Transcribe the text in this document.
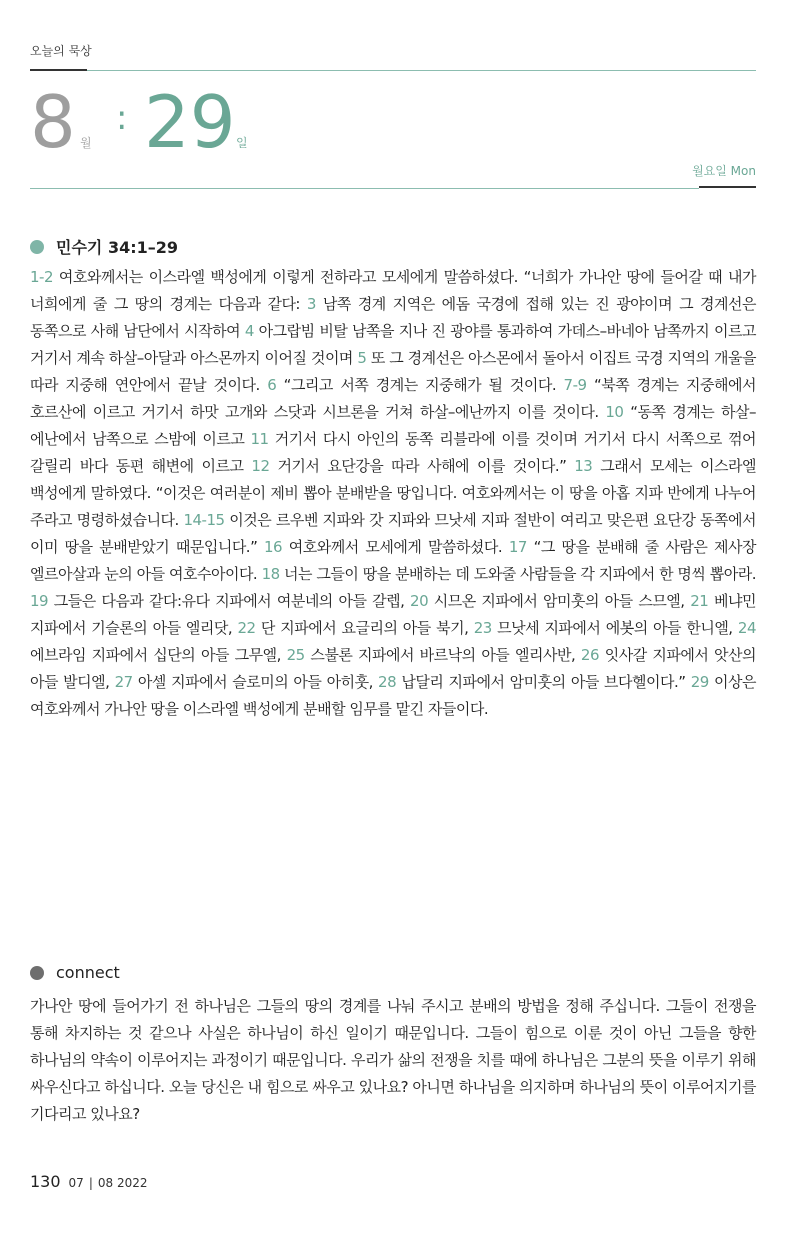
오늘의 묵상
8 월
: 29 일
월요일 Mon
민수기 34:1–29
1-2 여호와께서는 이스라엘 백성에게 이렇게 전하라고 모세에게 말씀하셨다. “너희가 가나안 땅에 들어갈 때 내가 너희에게 줄 그 땅의 경계는 다음과 같다: 3 남쪽 경계 지역은 에돔 국경에 접해 있는 진 광야이며 그 경계선은 동쪽으로 사해 남단에서 시작하여 4 아그랍빔 비탈 남쪽을 지나 진 광야를 통과하여 가데스–바네아 남쪽까지 이르고 거기서 계속 하살–아달과 아스몬까지 이어질 것이며 5 또 그 경계선은 아스몬에서 돌아서 이집트 국경 지역의 개울을 따라 지중해 연안에서 끝날 것이다. 6 “그리고 서쪽 경계는 지중해가 될 것이다. 7-9 “북쪽 경계는 지중해에서 호르산에 이르고 거기서 하맛 고개와 스닷과 시브론을 거쳐 하살–에난까지 이를 것이다. 10 “동쪽 경계는 하살–에난에서 남쪽으로 스밤에 이르고 11 거기서 다시 아인의 동쪽 리블라에 이를 것이며 거기서 다시 서쪽으로 꺾어 갈릴리 바다 동편 해변에 이르고 12 거기서 요단강을 따라 사해에 이를 것이다.” 13 그래서 모세는 이스라엘 백성에게 말하였다. “이것은 여러분이 제비 뽑아 분배받을 땅입니다. 여호와께서는 이 땅을 아홉 지파 반에게 나누어 주라고 명령하셨습니다. 14-15 이것은 르우벤 지파와 갓 지파와 므낫세 지파 절반이 여리고 맞은편 요단강 동쪽에서 이미 땅을 분배받았기 때문입니다.” 16 여호와께서 모세에게 말씀하셨다. 17 “그 땅을 분배해 줄 사람은 제사장 엘르아살과 눈의 아들 여호수아이다. 18 너는 그들이 땅을 분배하는 데 도와줄 사람들을 각 지파에서 한 명씩 뽑아라. 19 그들은 다음과 같다:유다 지파에서 여분네의 아들 갈렙, 20 시므온 지파에서 암미훗의 아들 스므엘, 21 베냐민 지파에서 기슬론의 아들 엘리닷, 22 단 지파에서 요글리의 아들 북기, 23 므낫세 지파에서 에봇의 아들 한니엘, 24 에브라임 지파에서 십단의 아들 그무엘, 25 스불론 지파에서 바르낙의 아들 엘리사반, 26 잇사갈 지파에서 앗산의 아들 발디엘, 27 아셀 지파에서 슬로미의 아들 아히훗, 28 납달리 지파에서 암미훗의 아들 브다헬이다.” 29 이상은 여호와께서 가나안 땅을 이스라엘 백성에게 분배할 임무를 맡긴 자들이다.
connect
가나안 땅에 들어가기 전 하나님은 그들의 땅의 경계를 나눠 주시고 분배의 방법을 정해 주십니다. 그들이 전쟁을 통해 차지하는 것 같으나 사실은 하나님이 하신 일이기 때문입니다. 그들이 힘으로 이룬 것이 아닌 그들을 향한 하나님의 약속이 이루어지는 과정이기 때문입니다. 우리가 삶의 전쟁을 치를 때에 하나님은 그분의 뜻을 이루기 위해 싸우신다고 하십니다. 오늘 당신은 내 힘으로 싸우고 있나요? 아니면 하나님을 의지하며 하나님의 뜻이 이루어지기를 기다리고 있나요?
130 07 | 08 2022
